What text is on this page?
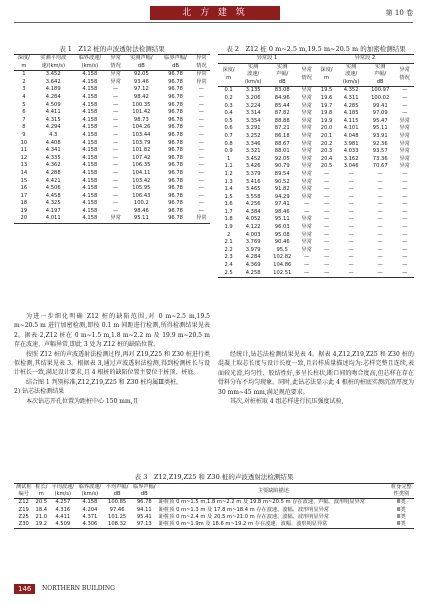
北 方 建 筑	第 10 卷
表 1　Z12 桩的声波透射法检测结果
深度/
m	实测平均波
速/(km/s)	临界波速/
(km/s)	异常
情况	实测声幅/
dB	临界声幅/
dB	异常
情况
1	3.452	4.158	异常	92.05	96.78	异常
2	3.642	4.158	异常	93.46	96.78	异常
3	4.189	4.158	—	97.12	96.78	—
4	4.284	4.158	—	98.42	96.78	—
5	4.509	4.158	—	100.35	96.78	—
6	4.411	4.158	—	101.42	96.78	—
7	4.315	4.158	—	98.73	96.78	—
8	4.294	4.158	—	104.26	96.78	—
9	4.3	4.158	—	103.44	96.78	—
10	4.408	4.158	—	103.79	96.78	—
11	4.341	4.158	—	101.82	96.78	—
12	4.335	4.158	—	107.42	96.78	—
13	4.362	4.158	—	106.35	96.78	—
14	4.288	4.158	—	104.11	96.78	—
15	4.421	4.158	—	103.42	96.78	—
16	4.506	4.158	—	105.95	96.78	—
17	4.458	4.158	—	106.43	96.78	—
18	4.325	4.158	—	100.2	96.78	—
19	4.197	4.158	—	98.46	96.78	—
20	4.011	4.158	异常	95.11	96.78	异常
表 2　Z12 桩 0 m~2.5 m,19.5 m~20.5 m 的加密检测结果
异常段 1				异常段 2			
深度/
m	实测
波速/
(km/s)	实测
声幅/
dB	异常
情况	深度/
m	实测
波速/
(km/s)	实测
声幅/
dB	异常
情况
0.1	3.135	83.08	异常	19.5	4.352	100.97	—
0.2	3.206	84.96	异常	19.6	4.311	100.02	—
0.3	3.224	85.44	异常	19.7	4.285	99.41	—
0.4	3.314	87.82	异常	19.8	4.185	97.09	—
0.5	3.354	88.88	异常	19.9	4.115	95.47	异常
0.6	3.291	87.21	异常	20.0	4.101	95.11	异常
0.7	3.252	86.18	异常	20.1	4.048	93.91	异常
0.8	3.346	88.67	异常	20.2	3.981	92.36	异常
0.9	3.321	88.01	异常	20.3	4.033	93.57	异常
1	3.452	92.05	异常	20.4	3.162	73.36	异常
1.1	3.426	90.79	异常	20.5	3.046	70.67	异常
1.2	3.379	89.54	异常	—	—	—	—
1.3	3.416	90.52	异常	—	—	—	—
1.4	3.465	91.82	异常	—	—	—	—
1.5	3.558	94.29	异常	—	—	—	—
1.6	4.256	97.41	—	—	—	—	—
1.7	4.384	98.46	—	—	—	—	—
1.8	4.052	95.11	异常	—	—	—	—
1.9	4.122	96.03	异常	—	—	—	—
2	4.003	95.08	异常	—	—	—	—
2.1	3.769	90.46	异常	—	—	—	—
2.2	3.979	95.5	异常	—	—	—	—
2.3	4.284	102.82	—	—	—	—	—
2.4	4.369	104.86	—	—	—	—	—
2.5	4.258	102.51	—	—	—	—	—

为进一步细化明确 Z12 桩的缺陷范围,对 0 m~2.5 m,19.5 m~20.5 m 进行加密检测,即按 0.1 m 间距进行检测,所得检测结果见表 2。据表 2,Z12 桩在 0 m~1.5 m,1.8 m~2.2 m 及 19.9 m~20.5 m 存在波速、声幅异常,即此 3 处为 Z12 桩的缺陷位置。

按照 Z12 桩的声波透射法检测过程,再对 Z19,Z25 和 Z30 桩进行类似检测,其结果见表 3。根据表 3,通过声波透射法检测,得到检测桩长与设计桩长一致,满足设计要求,且 4 根桩的缺陷位置主要位于桩顶、桩底。

结合图 1 判别标准,Z12,Z19,Z25 和 Z30 桩均属Ⅲ类桩。

2) 钻芯法检测结果

本次钻芯开孔位置为距桩中心 150 mm,且

经统计,钻芯法检测结果见表 4。据表 4,Z12,Z19,Z25 和 Z30 桩的混凝土取芯长度与设计长度一致,且岩样质量描述均为:芯样完整且连续,表面较光滑,均匀性、胶结性好,多呈长柱状,断口间的吻合度高,但芯样在存在骨料分布不均匀现象。同时,此钻芯法显示此 4 根桩的桩底实测沉渣厚度为 30 mm~45 mm,满足规范要求。

其次,对桩桩取 4 组芯样进行抗压强度试验,

表 3　Z12,Z19,Z25 和 Z30 桩的声波透射法检测结果
测试桩
编号	桩长/
m	平均波速/
(km/s)	临界波速/
(km/s)	平均声幅/
dB	临界声幅/
dB	主要缺陷描述	桩身完整
性类别
Z12	20.5	4.257	4.158	100.85	96.78	距桩顶 0 m~1.5 m,1.8 m~2.2 m 及 19.8 m~20.5 m 存在波速、声幅、波形明显异常	Ⅲ类
Z19	18.4	4.316	4.204	97.46	94.11	距桩顶 0 m~1.3 m 及 17.8 m~18.4 m 存在波速、波幅、波形明显异常	Ⅲ类
Z25	21.0	4.411	4.371	101.25	95.41	距桩顶 0 m~2.4 m 及 20.5 m~21.0 m 存在波速、波幅、波形明显异常	Ⅲ类
Z30	19.2	4.509	4.306	108.32	97.13	距桩顶 0 m~1.9m 及 18.6 m~19.2 m 存在波速、波幅、波形明显异常	Ⅲ类
146	NORTHERN BUILDING
